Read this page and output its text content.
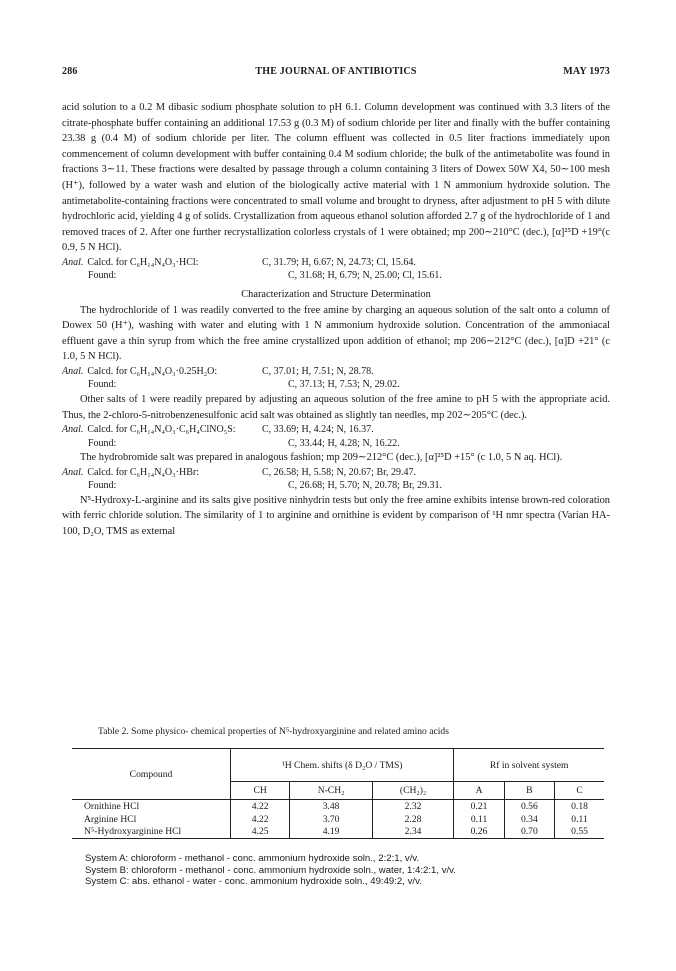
286	THE JOURNAL OF ANTIBIOTICS	MAY 1973

acid solution to a 0.2 M dibasic sodium phosphate solution to pH 6.1. Column development was continued with 3.3 liters of the citrate-phosphate buffer containing an additional 17.53 g (0.3 M) of sodium chloride per liter and finally with the buffer containing 23.38 g (0.4 M) of sodium chloride per liter. The column effluent was collected in 0.5 liter fractions immediately upon commencement of column development with buffer containing 0.4 M sodium chloride; the bulk of the antimetabolite was found in fractions 3∼11. These fractions were desalted by passage through a column containing 3 liters of Dowex 50W X4, 50∼100 mesh (H⁺), followed by a water wash and elution of the biologically active material with 1 N ammonium hydroxide solution. The antimetabolite-containing fractions were concentrated to small volume and brought to dryness, after adjustment to pH 5 with dilute hydrochloric acid, yielding 4 g of solids. Crystallization from aqueous ethanol solution afforded 2.7 g of the hydrochloride of 1 and removed traces of 2. After one further recrystallization colorless crystals of 1 were obtained; mp 200∼210°C (dec.), [α]²⁵D +19°(c 0.9, 5 N HCl).

Anal. Calcd. for C₆H₁₄N₄O₃·HCl:	C, 31.79; H, 6.67; N, 24.73; Cl, 15.64.
Found:	C, 31.68; H, 6.79; N, 25.00; Cl, 15.61.

Characterization and Structure Determination

The hydrochloride of 1 was readily converted to the free amine by charging an aqueous solution of the salt onto a column of Dowex 50 (H⁺), washing with water and eluting with 1 N ammonium hydroxide solution. Concentration of the ammoniacal effluent gave a thin syrup from which the free amine crystallized upon addition of ethanol; mp 206∼212°C (dec.), [α]D +21° (c 1.0, 5 N HCl).

Anal. Calcd. for C₆H₁₄N₄O₃·0.25H₂O:	C, 37.01; H, 7.51; N, 28.78.
Found:	C, 37.13; H, 7.53; N, 29.02.

Other salts of 1 were readily prepared by adjusting an aqueous solution of the free amine to pH 5 with the appropriate acid. Thus, the 2-chloro-5-nitrobenzenesulfonic acid salt was obtained as slightly tan needles, mp 202∼205°C (dec.).

Anal. Calcd. for C₆H₁₄N₄O₃·C₆H₄ClNO₅S:	C, 33.69; H, 4.24; N, 16.37.
Found:	C, 33.44; H, 4.28; N, 16.22.

The hydrobromide salt was prepared in analogous fashion; mp 209∼212°C (dec.), [α]²⁵D +15° (c 1.0, 5 N aq. HCl).

Anal. Calcd. for C₆H₁₄N₄O₃·HBr:	C, 26.58; H, 5.58; N, 20.67; Br, 29.47.
Found:	C, 26.68; H, 5.70; N, 20.78; Br, 29.31.

N⁵-Hydroxy-L-arginine and its salts give positive ninhydrin tests but only the free amine exhibits intense brown-red coloration with ferric chloride solution. The similarity of 1 to arginine and ornithine is evident by comparison of ¹H nmr spectra (Varian HA-100, D₂O, TMS as external

Table 2. Some physico- chemical properties of N⁵-hydroxyarginine and related amino acids
Compound	¹H Chem. shifts (δ D₂O / TMS)			Rf in solvent system		
	CH	N-CH₂	(CH₂)₂	A	B	C
Ornithine HCl	4.22	3.48	2.32	0.21	0.56	0.18
Arginine HCl	4.22	3.70	2.28	0.11	0.34	0.11
N⁵-Hydroxyarginine HCl	4.25	4.19	2.34	0.26	0.70	0.55
System A: chloroform - methanol - conc. ammonium hydroxide soln., 2:2:1, v/v.
System B: chloroform - methanol - conc. ammonium hydroxide soln., water, 1:4:2:1, v/v.
System C: abs. ethanol - water - conc. ammonium hydroxide soln., 49:49:2, v/v.
